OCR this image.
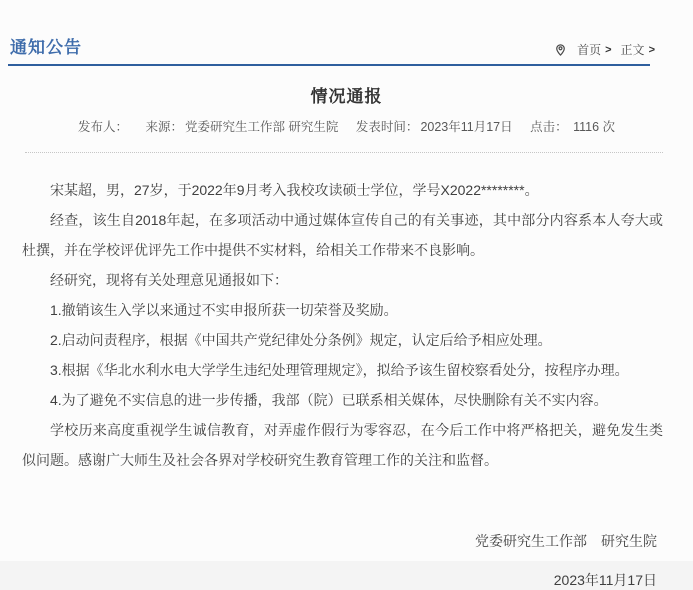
通知公告	首页 > 正文 >
情况通报
发布人： 来源： 党委研究生工作部 研究生院 发表时间： 2023年11月17日 点击： 1116 次

宋某超，男，27岁，于2022年9月考入我校攻读硕士学位，学号X2022********。

经查，该生自2018年起，在多项活动中通过媒体宣传自己的有关事迹，其中部分内容系本人夸大或杜撰，并在学校评优评先工作中提供不实材料，给相关工作带来不良影响。

经研究，现将有关处理意见通报如下：

1.撤销该生入学以来通过不实申报所获一切荣誉及奖励。

2.启动问责程序，根据《中国共产党纪律处分条例》规定，认定后给予相应处理。

3.根据《华北水利水电大学学生违纪处理管理规定》，拟给予该生留校察看处分，按程序办理。

4.为了避免不实信息的进一步传播，我部（院）已联系相关媒体，尽快删除有关不实内容。

学校历来高度重视学生诚信教育，对弄虚作假行为零容忍，在今后工作中将严格把关，避免发生类似问题。感谢广大师生及社会各界对学校研究生教育管理工作的关注和监督。

党委研究生工作部　研究生院

2023年11月17日
